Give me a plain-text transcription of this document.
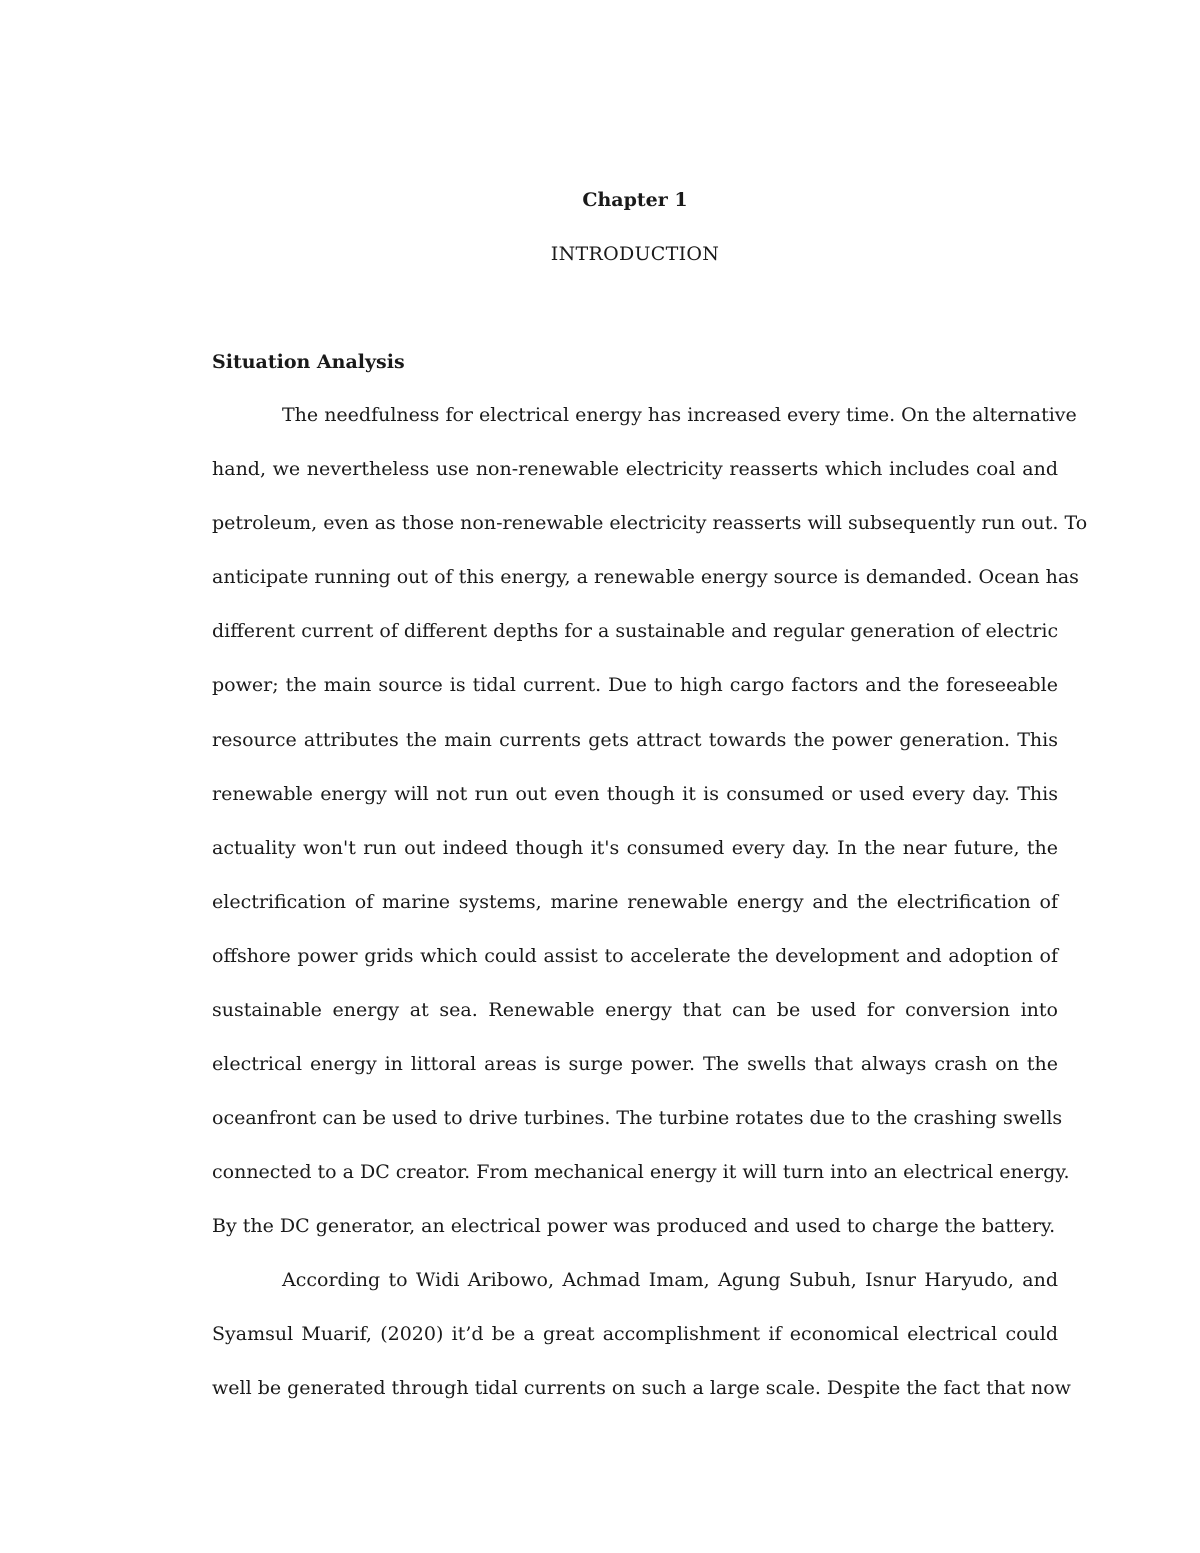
Chapter 1
INTRODUCTION
Situation Analysis
The needfulness for electrical energy has increased every time. On the alternative
hand, we nevertheless use non-renewable electricity reasserts which includes coal and
petroleum, even as those non-renewable electricity reasserts will subsequently run out. To
anticipate running out of this energy, a renewable energy source is demanded. Ocean has
different current of different depths for a sustainable and regular generation of electric
power; the main source is tidal current. Due to high cargo factors and the foreseeable
resource attributes the main currents gets attract towards the power generation. This
renewable energy will not run out even though it is consumed or used every day. This
actuality won't run out indeed though it's consumed every day. In the near future, the
electrification of marine systems, marine renewable energy and the electrification of
offshore power grids which could assist to accelerate the development and adoption of
sustainable energy at sea. Renewable energy that can be used for conversion into
electrical energy in littoral areas is surge power. The swells that always crash on the
oceanfront can be used to drive turbines. The turbine rotates due to the crashing swells
connected to a DC creator. From mechanical energy it will turn into an electrical energy.
By the DC generator, an electrical power was produced and used to charge the battery.
According to Widi Aribowo, Achmad Imam, Agung Subuh, Isnur Haryudo, and
Syamsul Muarif, (2020) it’d be a great accomplishment if economical electrical could
well be generated through tidal currents on such a large scale. Despite the fact that now
